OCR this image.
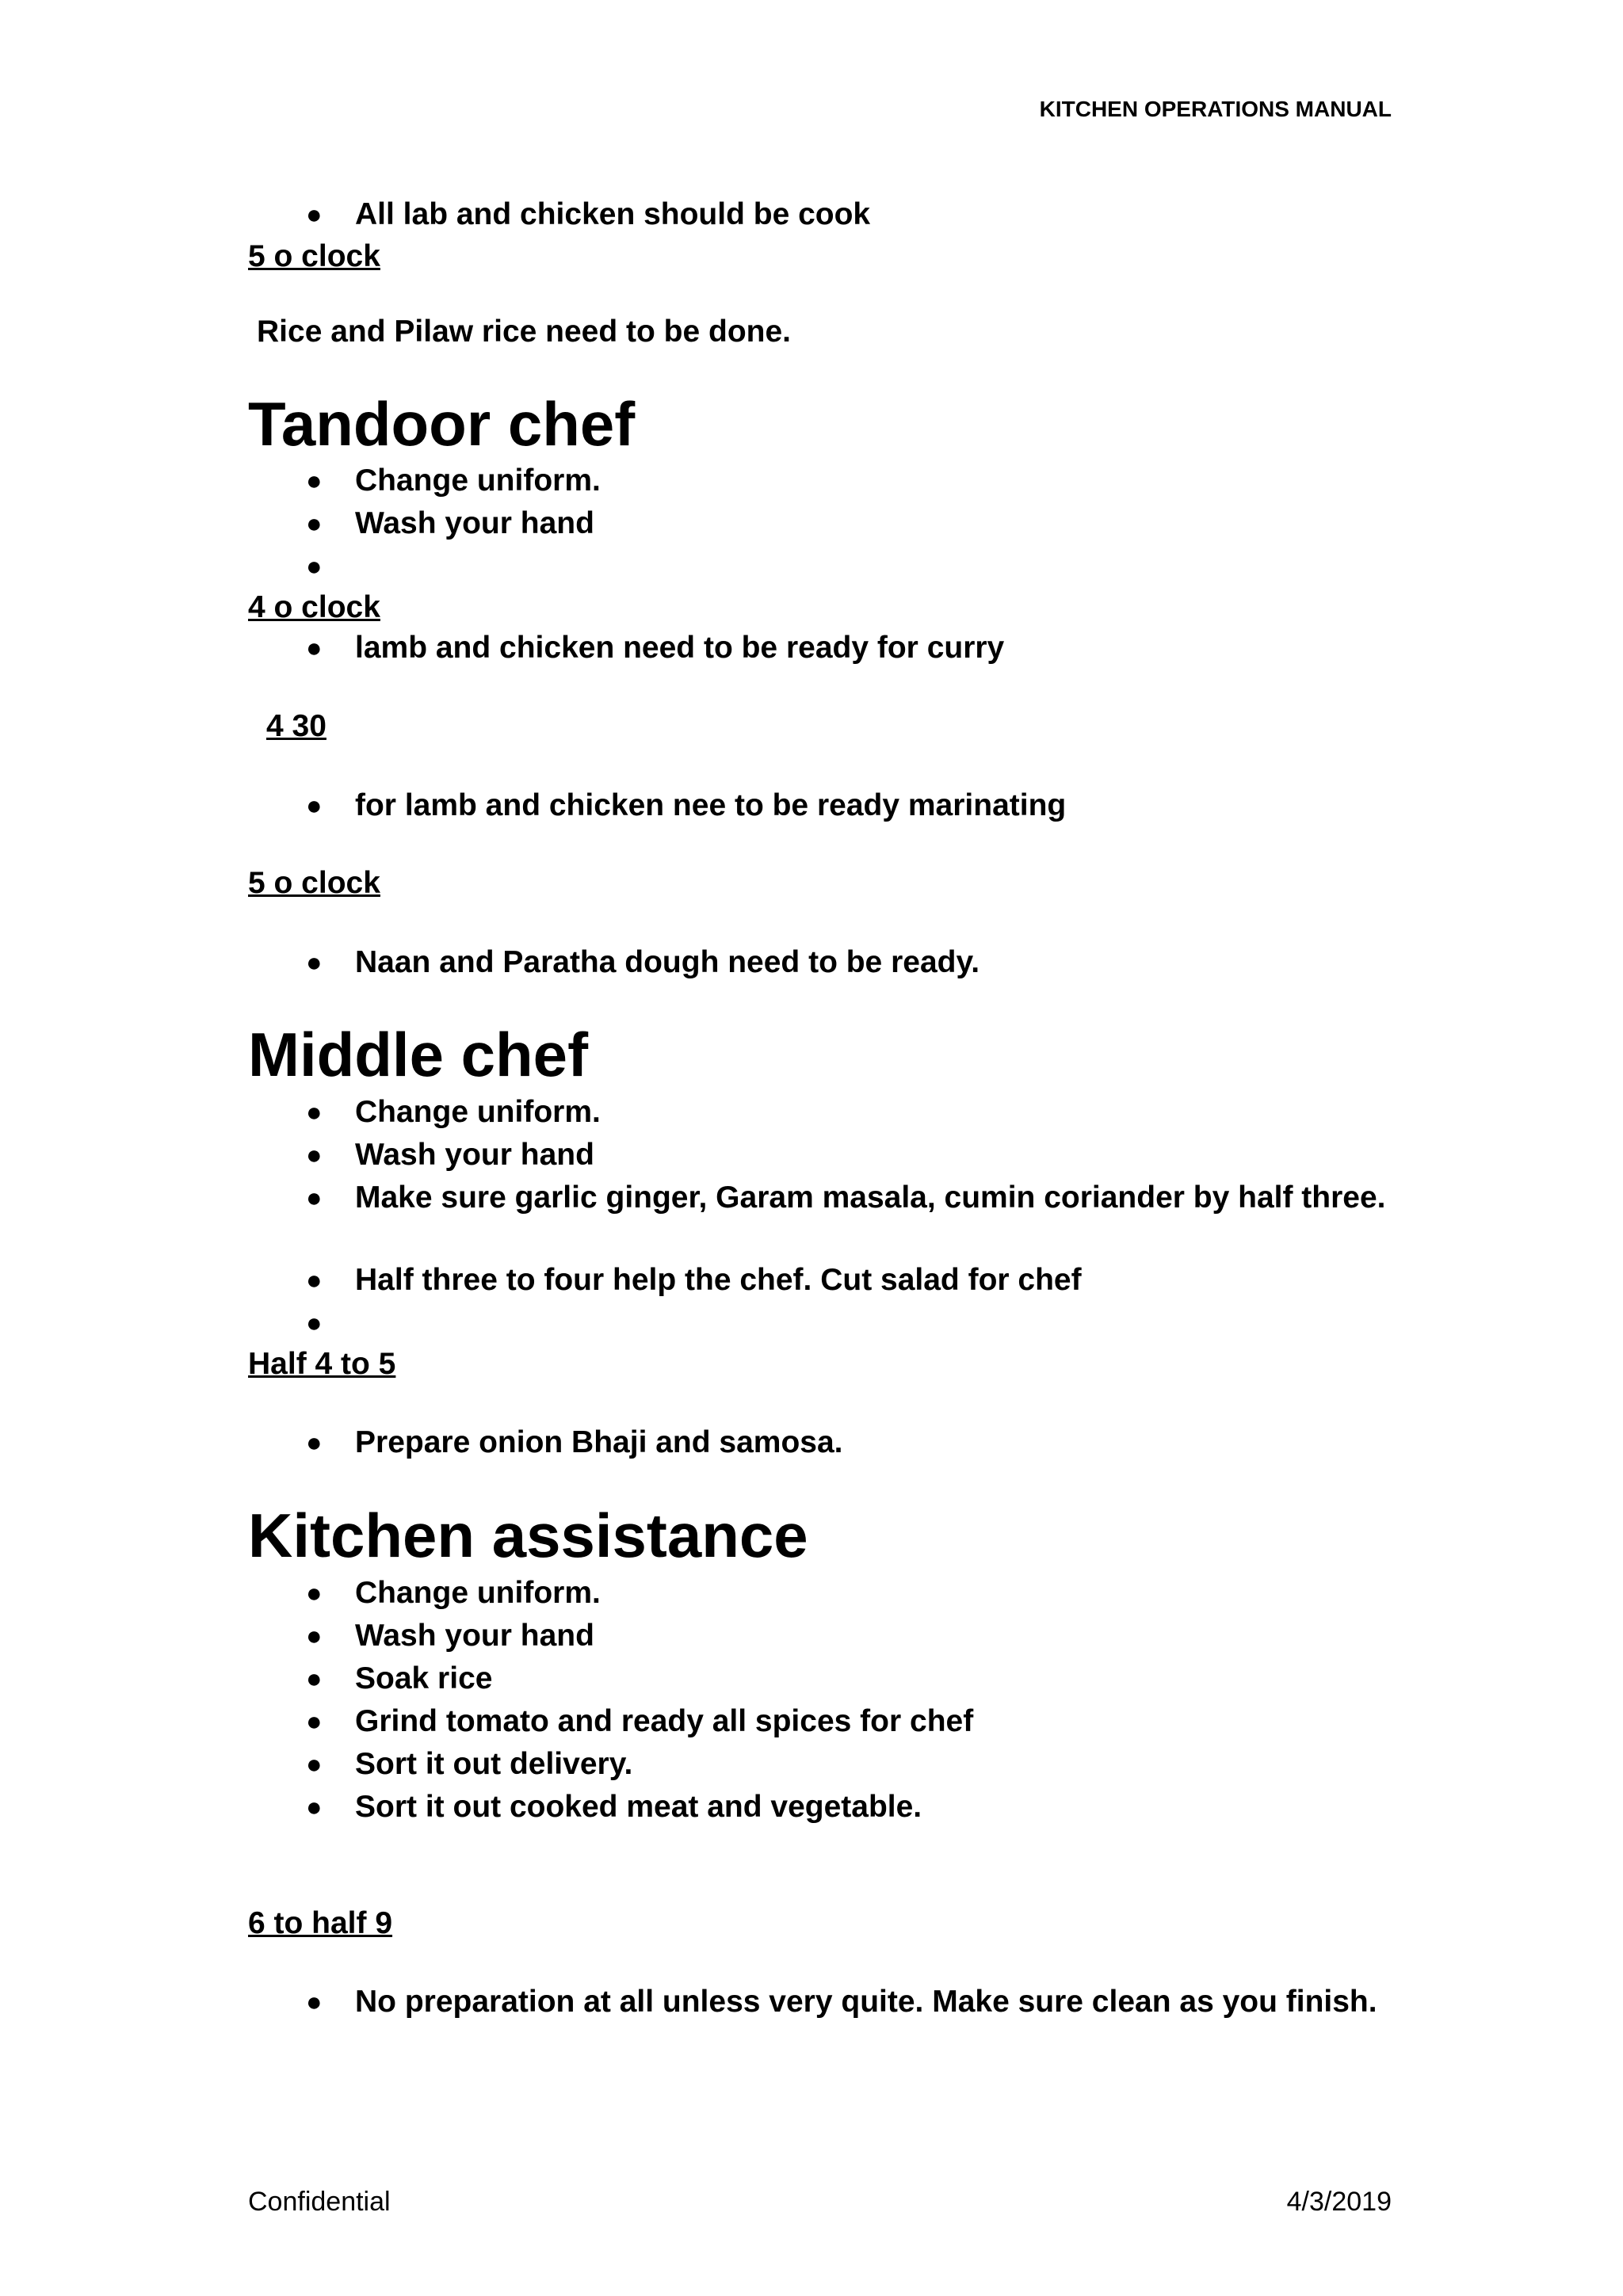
KITCHEN OPERATIONS MANUAL
● All lab and chicken should be cook
5 o clock
Rice and Pilaw rice need to be done.
Tandoor chef
● Change uniform.
● Wash your hand
●
4 o clock
● lamb and chicken need to be ready for curry
4 30
● for lamb and chicken nee to be ready marinating
5 o clock
● Naan and Paratha dough need to be ready.
Middle chef
● Change uniform.
● Wash your hand
● Make sure garlic ginger, Garam masala, cumin coriander by half three.
● Half three to four help the chef. Cut salad for chef
●
Half 4 to 5
● Prepare onion Bhaji and samosa.
Kitchen assistance
● Change uniform.
● Wash your hand
● Soak rice
● Grind tomato and ready all spices for chef
● Sort it out delivery.
● Sort it out cooked meat and vegetable.
6 to half 9
● No preparation at all unless very quite. Make sure clean as you finish.
Confidential	4/3/2019
